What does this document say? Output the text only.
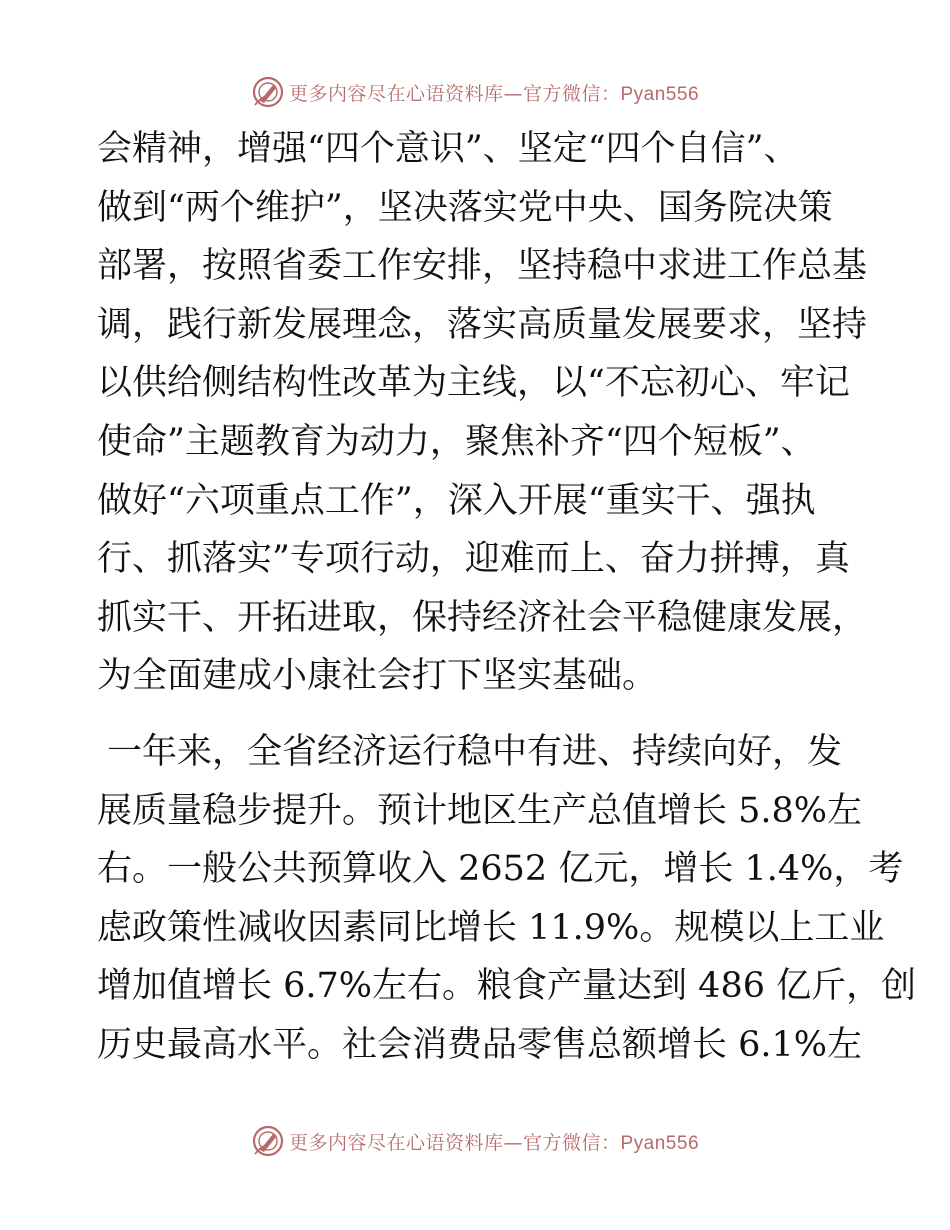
更多内容尽在心语资料库—官方微信：Pyan556
会精神，增强“四个意识”、坚定“四个自信”、
做到“两个维护”，坚决落实党中央、国务院决策
部署，按照省委工作安排，坚持稳中求进工作总基
调，践行新发展理念，落实高质量发展要求，坚持
以供给侧结构性改革为主线，以“不忘初心、牢记
使命”主题教育为动力，聚焦补齐“四个短板”、
做好“六项重点工作”，深入开展“重实干、强执
行、抓落实”专项行动，迎难而上、奋力拼搏，真
抓实干、开拓进取，保持经济社会平稳健康发展，
为全面建成小康社会打下坚实基础。
一年来，全省经济运行稳中有进、持续向好，发
展质量稳步提升。预计地区生产总值增长 5.8%左
右。一般公共预算收入 2652 亿元，增长 1.4%，考
虑政策性减收因素同比增长 11.9%。规模以上工业
增加值增长 6.7%左右。粮食产量达到 486 亿斤，创
历史最高水平。社会消费品零售总额增长 6.1%左
更多内容尽在心语资料库—官方微信：Pyan556
